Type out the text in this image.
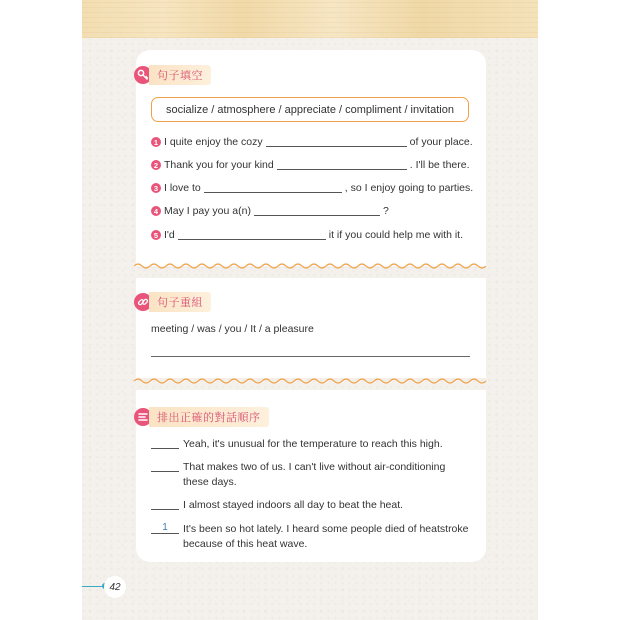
句子填空
socialize / atmosphere / appreciate / compliment / invitation
1 I quite enjoy the cozy	of your place.
2 Thank you for your kind	. I'll be there.
3 I love to	, so I enjoy going to parties.
4 May I pay you a(n)	?
5 I'd	it if you could help me with it.
句子重組
meeting / was / you / It / a pleasure
排出正確的對話順序
Yeah, it's unusual for the temperature to reach this high.
That makes two of us. I can't live without air-conditioning these days.
I almost stayed indoors all day to beat the heat.
1	It's been so hot lately. I heard some people died of heatstroke because of this heat wave.
42
